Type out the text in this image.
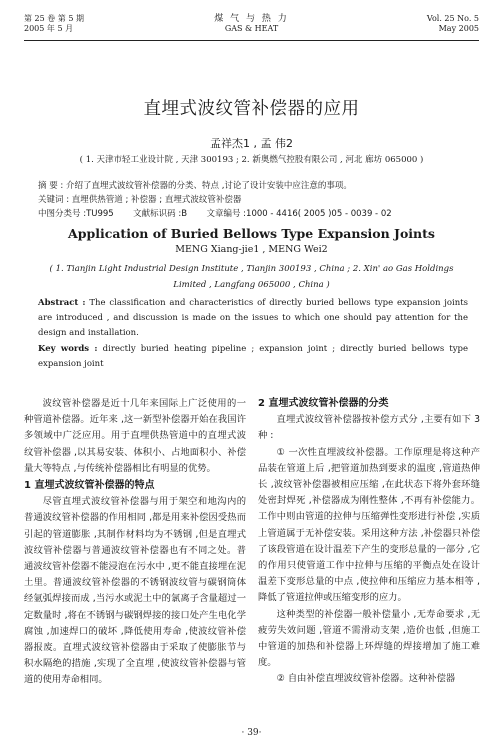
第 25 卷 第 5 期
2005 年 5 月
煤 气 与 热 力
GAS & HEAT
Vol. 25 No. 5
May 2005
直埋式波纹管补偿器的应用
孟祥杰1 , 孟 伟2
( 1. 天津市轻工业设计院 , 天津 300193 ; 2. 新奥燃气控股有限公司 , 河北 廊坊 065000 )
摘 要 : 介绍了直埋式波纹管补偿器的分类、特点 ,讨论了设计安装中应注意的事项。
关键词 : 直埋供热管道 ; 补偿器 ; 直埋式波纹管补偿器
中图分类号 :TU995 文献标识码 :B 文章编号 :1000 - 4416( 2005 )05 - 0039 - 02
Application of Buried Bellows Type Expansion Joints
MENG Xiang-jie1 , MENG Wei2
( 1. Tianjin Light Industrial Design Institute , Tianjin 300193 , China ; 2. Xin' ao Gas Holdings
Limited , Langfang 065000 , China )
Abstract : The classification and characteristics of directly buried bellows type expansion joints are introduced , and discussion is made on the issues to which one should pay attention for the design and installation.
Key words : directly buried heating pipeline ; expansion joint ; directly buried bellows type expansion joint

波纹管补偿器是近十几年来国际上广泛使用的一种管道补偿器。近年来 ,这一新型补偿器开始在我国许多领域中广泛应用。用于直埋供热管道中的直埋式波纹管补偿器 ,以其易安装、体积小、占地面积小、补偿量大等特点 ,与传统补偿器相比有明显的优势。

1 直埋式波纹管补偿器的特点

尽管直埋式波纹管补偿器与用于架空和地沟内的普通波纹管补偿器的作用相同 ,都是用来补偿因受热而引起的管道膨胀 ,其制作材料均为不锈钢 ,但是直埋式波纹管补偿器与普通波纹管补偿器也有不同之处。普通波纹管补偿器不能浸泡在污水中 ,更不能直接埋在泥土里。普通波纹管补偿器的不锈钢波纹管与碳钢筒体经氩弧焊接而成 ,当污水或泥土中的氯离子含量超过一定数量时 ,将在不锈钢与碳钢焊接的接口处产生电化学腐蚀 ,加速焊口的破坏 ,降低使用寿命 ,使波纹管补偿器报废。直埋式波纹管补偿器由于采取了使膨胀节与积水隔绝的措施 ,实现了全直埋 ,使波纹管补偿器与管道的使用寿命相同。

2 直埋式波纹管补偿器的分类

直埋式波纹管补偿器按补偿方式分 ,主要有如下 3 种 :

① 一次性直埋波纹补偿器。工作原理是将这种产品装在管道上后 ,把管道加热到要求的温度 ,管道热伸长 ,波纹管补偿器被相应压缩 ,在此状态下将外套环缝处密封焊死 ,补偿器成为刚性整体 ,不再有补偿能力。工作中则由管道的拉伸与压缩弹性变形进行补偿 ,实质上管道属于无补偿安装。采用这种方法 ,补偿器只补偿了该段管道在设计温差下产生的变形总量的一部分 ,它的作用只使管道工作中拉伸与压缩的平衡点处在设计温差下变形总量的中点 ,使拉伸和压缩应力基本相等 ,降低了管道拉伸或压缩变形的应力。

这种类型的补偿器一般补偿量小 ,无寿命要求 ,无疲劳失效问题 ,管道不需滑动支架 ,造价也低 ,但施工中管道的加热和补偿器上环焊缝的焊接增加了施工难度。

② 自由补偿直埋波纹管补偿器。这种补偿器

· 39·
